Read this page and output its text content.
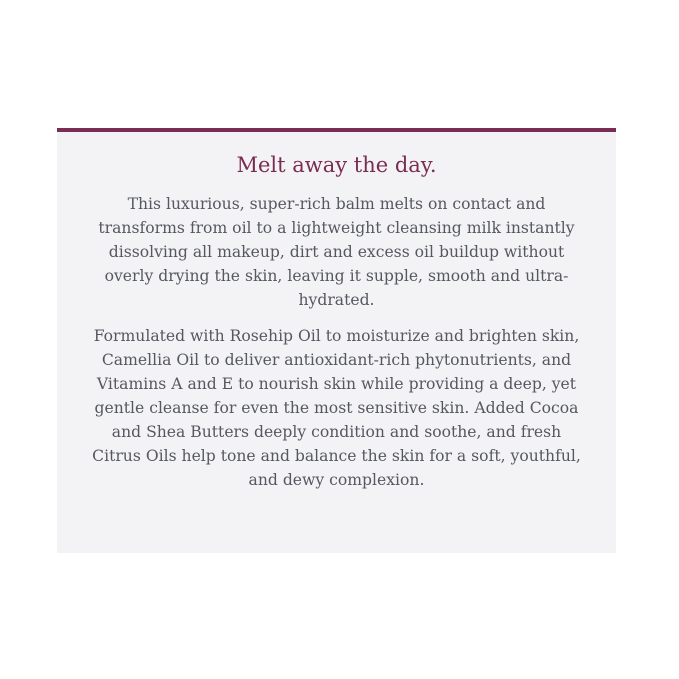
Melt away the day.

This luxurious, super-rich balm melts on contact and transforms from oil to a lightweight cleansing milk instantly dissolving all makeup, dirt and excess oil buildup without overly drying the skin, leaving it supple, smooth and ultra-hydrated.

Formulated with Rosehip Oil to moisturize and brighten skin, Camellia Oil to deliver antioxidant-rich phytonutrients, and Vitamins A and E to nourish skin while providing a deep, yet gentle cleanse for even the most sensitive skin. Added Cocoa and Shea Butters deeply condition and soothe, and fresh Citrus Oils help tone and balance the skin for a soft, youthful, and dewy complexion.
